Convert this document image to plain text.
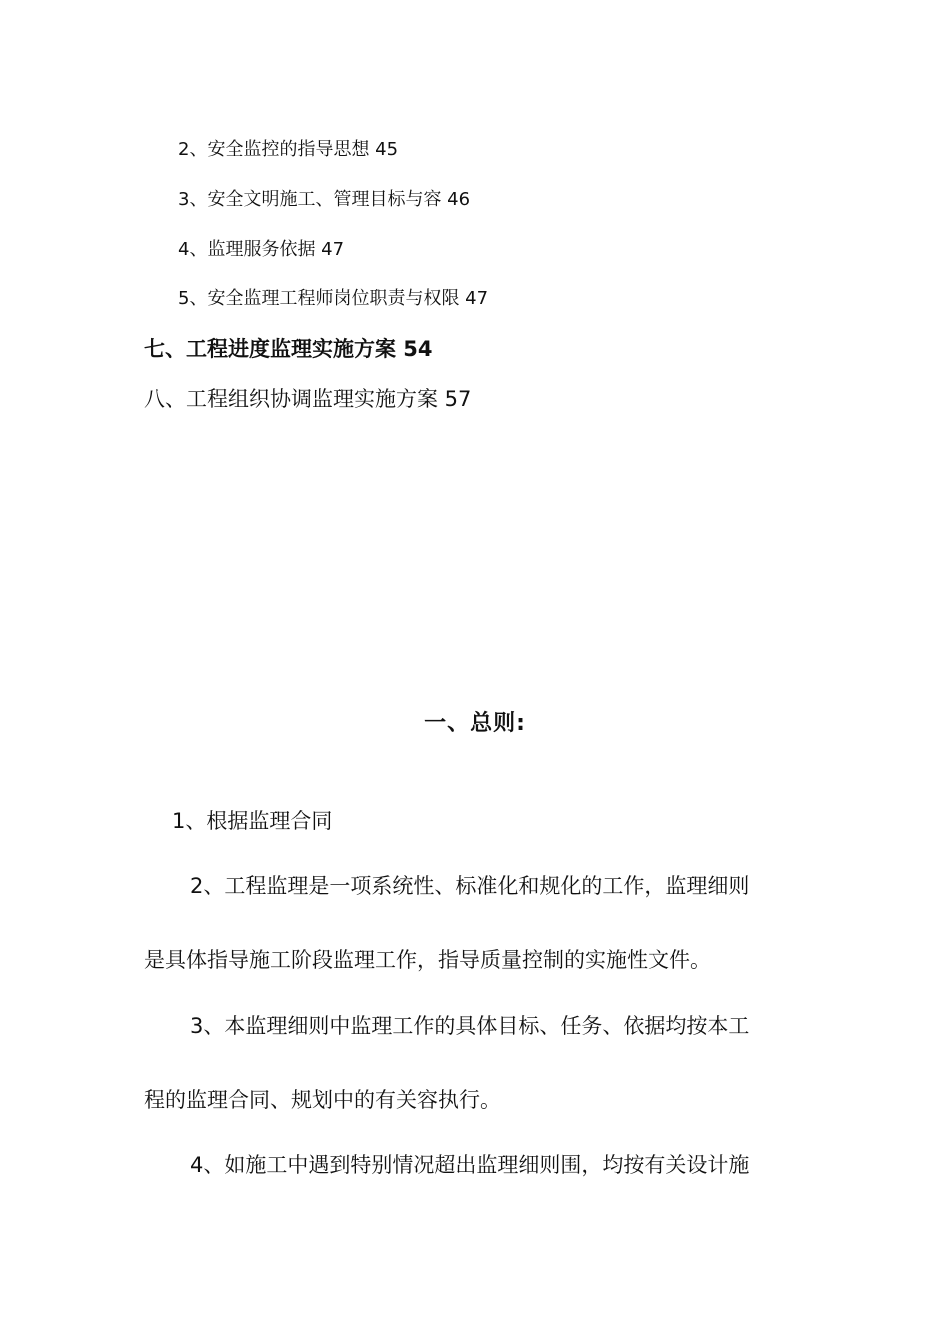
2、安全监控的指导思想 45
3、安全文明施工、管理目标与容 46
4、监理服务依据 47
5、安全监理工程师岗位职责与权限 47
七、工程进度监理实施方案 54
八、工程组织协调监理实施方案 57
一、总则:
1、根据监理合同
2、工程监理是一项系统性、标准化和规化的工作，监理细则
是具体指导施工阶段监理工作，指导质量控制的实施性文件。
3、本监理细则中监理工作的具体目标、任务、依据均按本工
程的监理合同、规划中的有关容执行。
4、如施工中遇到特别情况超出监理细则围，均按有关设计施
